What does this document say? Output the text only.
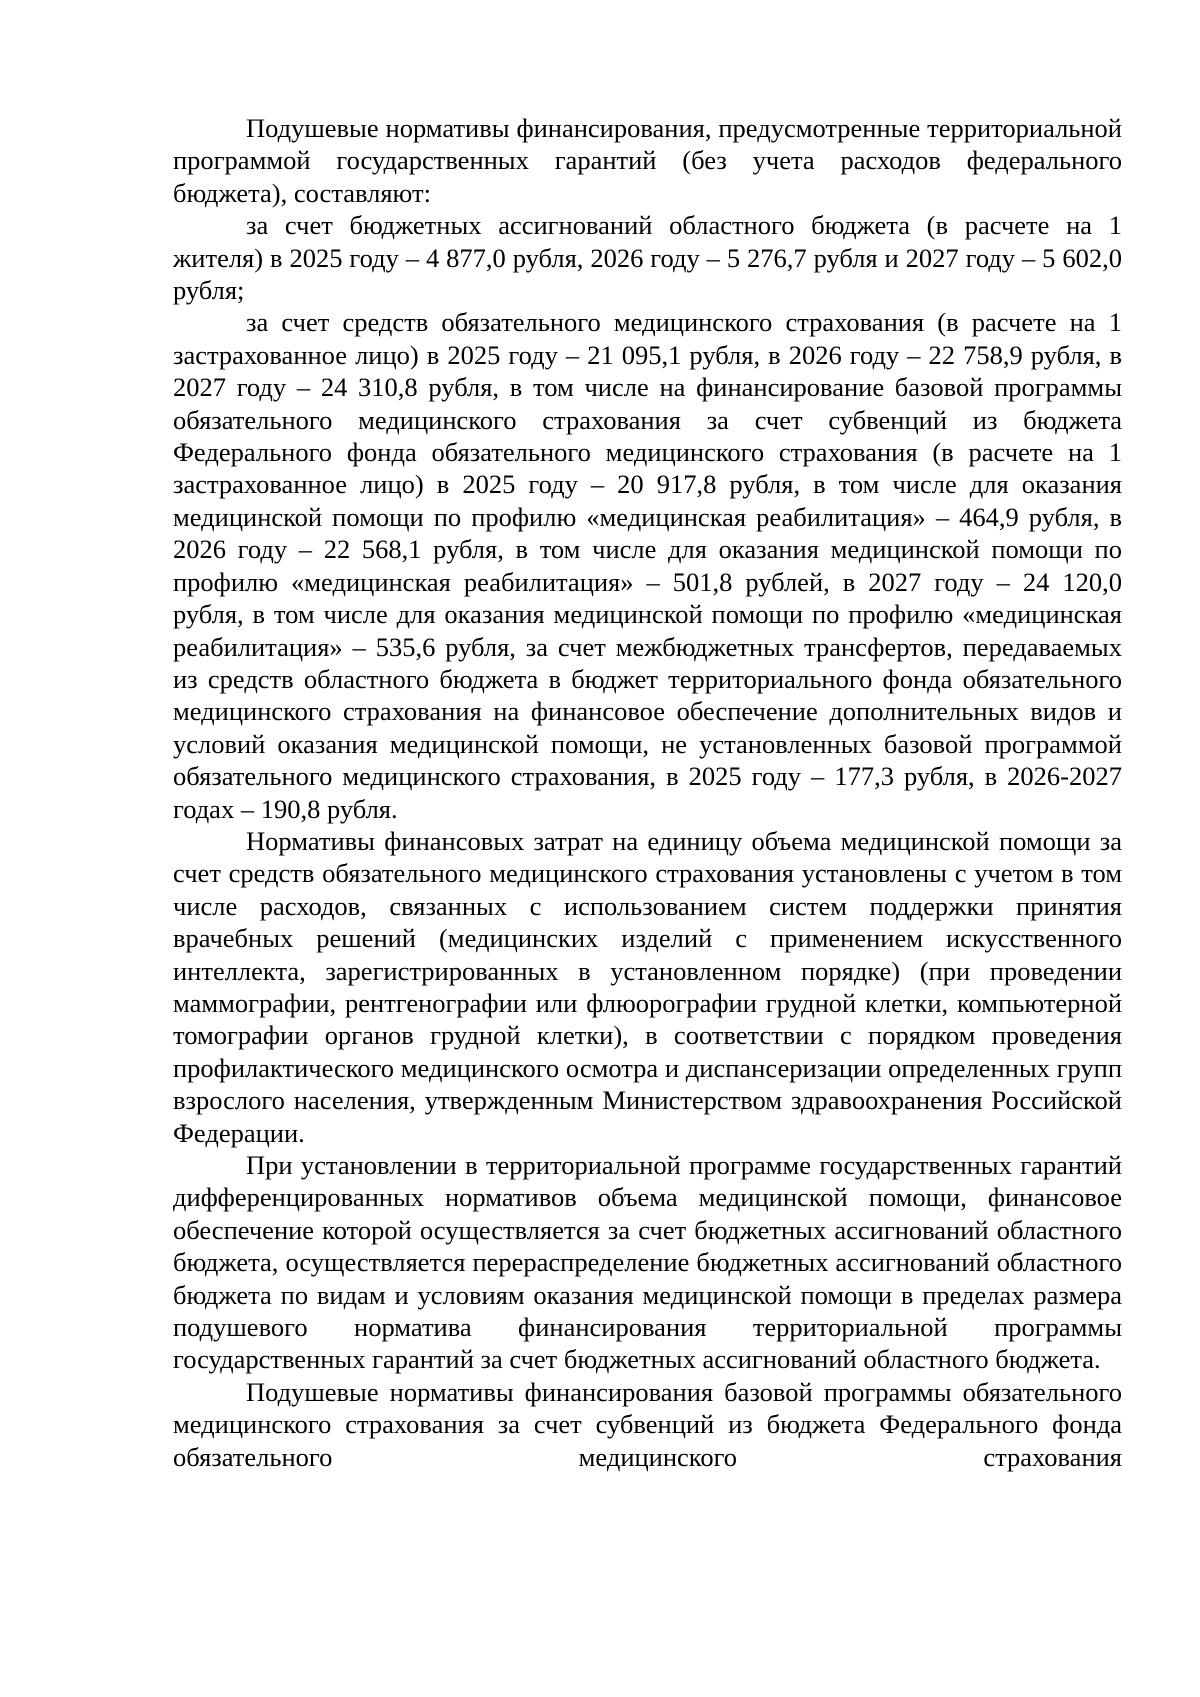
Подушевые нормативы финансирования, предусмотренные территориальной программой государственных гарантий (без учета расходов федерального бюджета), составляют:

за счет бюджетных ассигнований областного бюджета (в расчете на 1 жителя) в 2025 году – 4 877,0 рубля, 2026 году – 5 276,7 рубля и 2027 году – 5 602,0 рубля;

за счет средств обязательного медицинского страхования (в расчете на 1 застрахованное лицо) в 2025 году – 21 095,1 рубля, в 2026 году – 22 758,9 рубля, в 2027 году – 24 310,8 рубля, в том числе на финансирование базовой программы обязательного медицинского страхования за счет субвенций из бюджета Федерального фонда обязательного медицинского страхования (в расчете на 1 застрахованное лицо) в 2025 году – 20 917,8 рубля, в том числе для оказания медицинской помощи по профилю «медицинская реабилитация» – 464,9 рубля, в 2026 году – 22 568,1 рубля, в том числе для оказания медицинской помощи по профилю «медицинская реабилитация» – 501,8 рублей, в 2027 году – 24 120,0 рубля, в том числе для оказания медицинской помощи по профилю «медицинская реабилитация» – 535,6 рубля, за счет межбюджетных трансфертов, передаваемых из средств областного бюджета в бюджет территориального фонда обязательного медицинского страхования на финансовое обеспечение дополнительных видов и условий оказания медицинской помощи, не установленных базовой программой обязательного медицинского страхования, в 2025 году – 177,3 рубля, в 2026-2027 годах – 190,8 рубля.

Нормативы финансовых затрат на единицу объема медицинской помощи за счет средств обязательного медицинского страхования установлены с учетом в том числе расходов, связанных с использованием систем поддержки принятия врачебных решений (медицинских изделий с применением искусственного интеллекта, зарегистрированных в установленном порядке) (при проведении маммографии, рентгенографии или флюорографии грудной клетки, компьютерной томографии органов грудной клетки), в соответствии с порядком проведения профилактического медицинского осмотра и диспансеризации определенных групп взрослого населения, утвержденным Министерством здравоохранения Российской Федерации.

При установлении в территориальной программе государственных гарантий дифференцированных нормативов объема медицинской помощи, финансовое обеспечение которой осуществляется за счет бюджетных ассигнований областного бюджета, осуществляется перераспределение бюджетных ассигнований областного бюджета по видам и условиям оказания медицинской помощи в пределах размера подушевого норматива финансирования территориальной программы государственных гарантий за счет бюджетных ассигнований областного бюджета.

Подушевые нормативы финансирования базовой программы обязательного медицинского страхования за счет субвенций из бюджета Федерального фонда обязательного медицинского страхования
